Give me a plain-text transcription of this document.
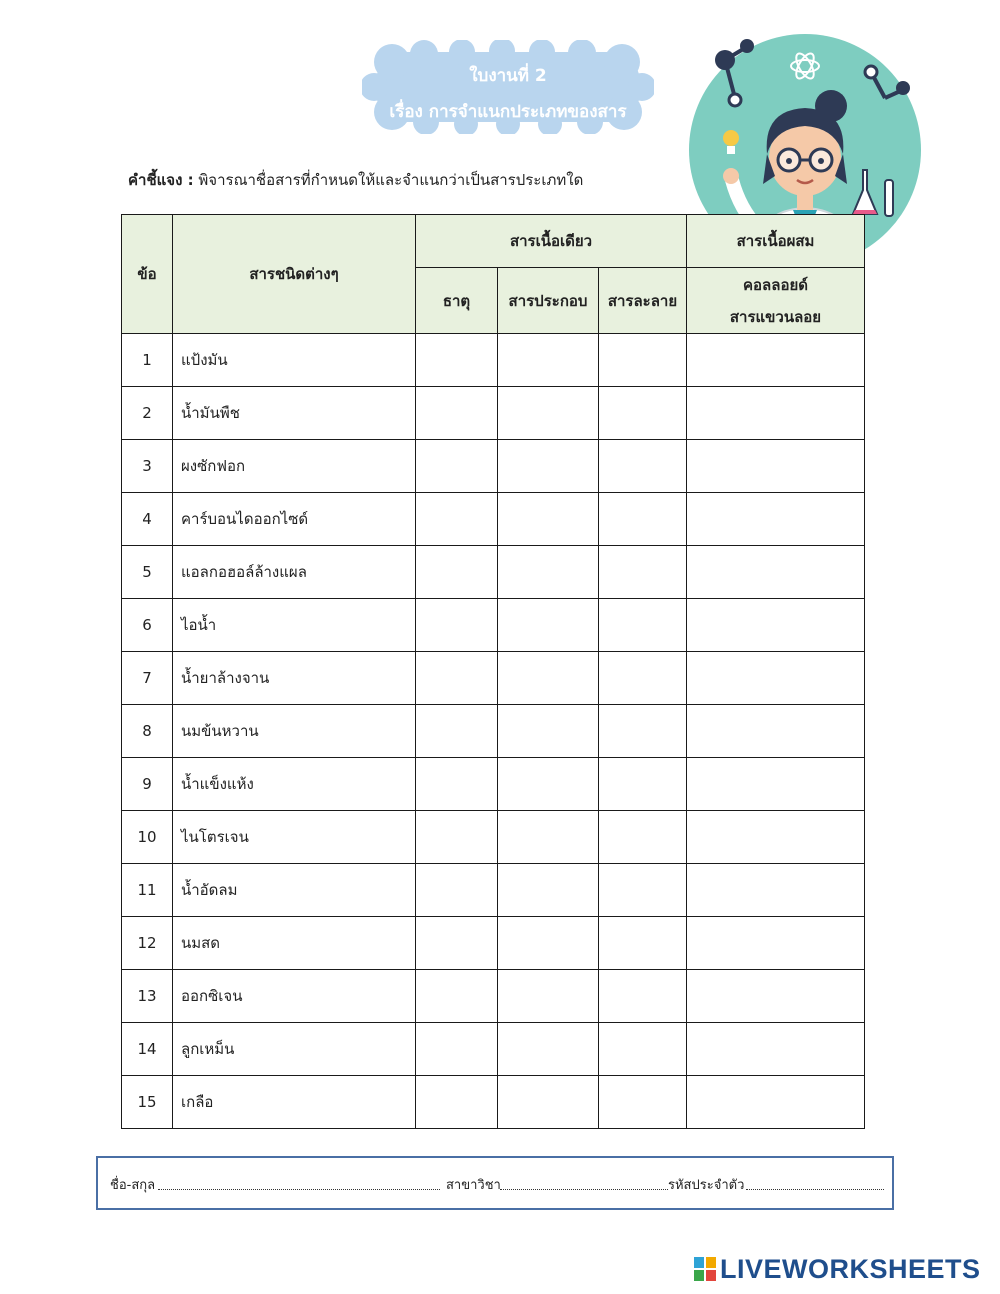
ใบงานที่ 2
เรื่อง การจำแนกประเภทของสาร
คำชี้แจง : พิจารณาชื่อสารที่กำหนดให้และจำแนกว่าเป็นสารประเภทใด
ข้อ	สารชนิดต่างๆ	สารเนื้อเดียว			สารเนื้อผสม
		ธาตุ	สารประกอบ	สารละลาย	คอลลอยด์
สารแขวนลอย

1	แป้งมัน				
2	น้ำมันพืช				
3	ผงซักฟอก				
4	คาร์บอนไดออกไซด์				
5	แอลกอฮอล์ล้างแผล				
6	ไอน้ำ				
7	น้ำยาล้างจาน				
8	นมข้นหวาน				
9	น้ำแข็งแห้ง				
10	ไนโตรเจน				
11	น้ำอัดลม				
12	นมสด				
13	ออกซิเจน				
14	ลูกเหม็น				
15	เกลือ				
ชื่อ-สกุล	สาขาวิชา	รหัสประจำตัว
LIVEWORKSHEETS
